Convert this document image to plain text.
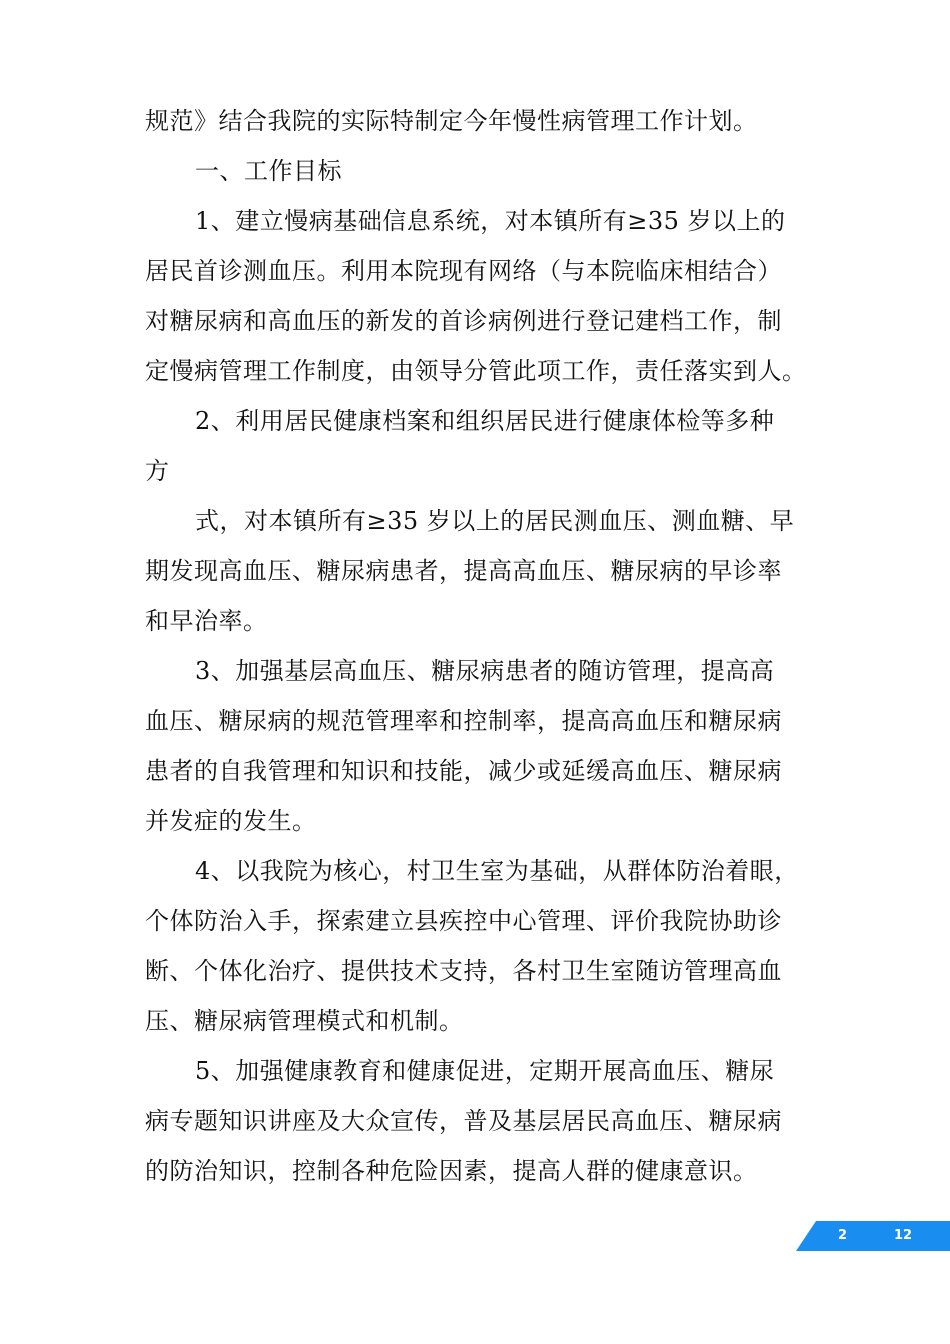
规范》结合我院的实际特制定今年慢性病管理工作计划。
一、工作目标
1、建立慢病基础信息系统，对本镇所有≥35 岁以上的
居民首诊测血压。利用本院现有网络（与本院临床相结合）
对糖尿病和高血压的新发的首诊病例进行登记建档工作，制
定慢病管理工作制度，由领导分管此项工作，责任落实到人。
2、利用居民健康档案和组织居民进行健康体检等多种
方
式，对本镇所有≥35 岁以上的居民测血压、测血糖、早
期发现高血压、糖尿病患者，提高高血压、糖尿病的早诊率
和早治率。
3、加强基层高血压、糖尿病患者的随访管理，提高高
血压、糖尿病的规范管理率和控制率，提高高血压和糖尿病
患者的自我管理和知识和技能，减少或延缓高血压、糖尿病
并发症的发生。
4、以我院为核心，村卫生室为基础，从群体防治着眼，
个体防治入手，探索建立县疾控中心管理、评价我院协助诊
断、个体化治疗、提供技术支持，各村卫生室随访管理高血
压、糖尿病管理模式和机制。
5、加强健康教育和健康促进，定期开展高血压、糖尿
病专题知识讲座及大众宣传，普及基层居民高血压、糖尿病
的防治知识，控制各种危险因素，提高人群的健康意识。
2	12
